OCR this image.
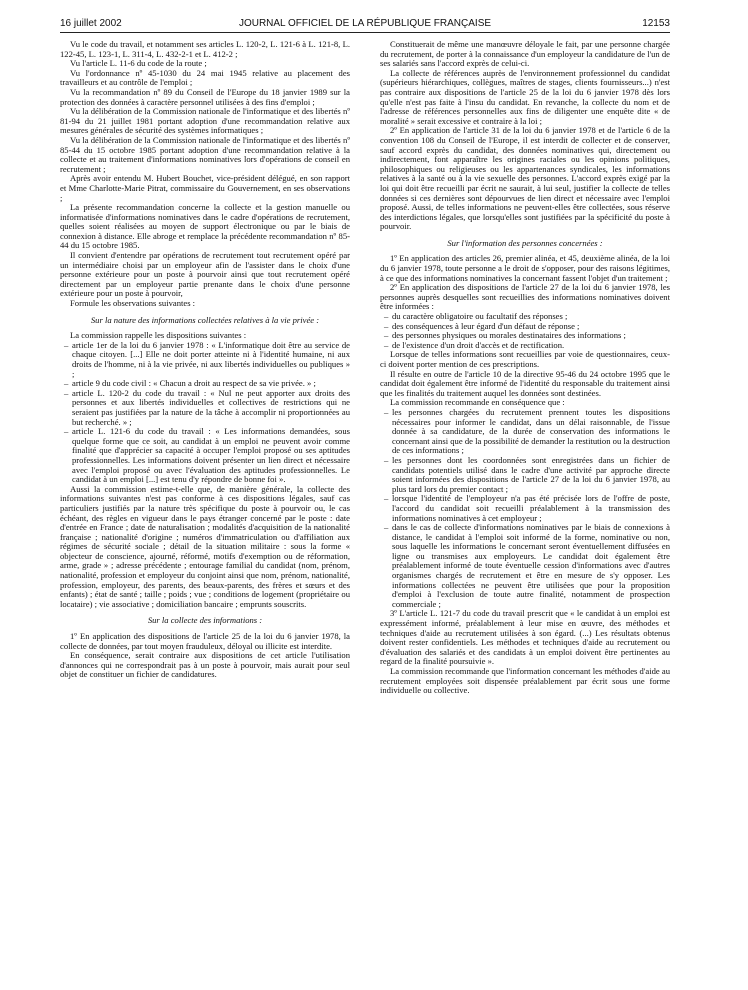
16 juillet 2002	JOURNAL OFFICIEL DE LA RÉPUBLIQUE FRANÇAISE	12153

Vu le code du travail, et notamment ses articles L. 120-2, L. 121-6 à L. 121-8, L. 122-45, L. 123-1, L. 311-4, L. 432-2-1 et L. 412-2 ;

Vu l'article L. 11-6 du code de la route ;

Vu l'ordonnance nº 45-1030 du 24 mai 1945 relative au placement des travailleurs et au contrôle de l'emploi ;

Vu la recommandation nº 89 du Conseil de l'Europe du 18 janvier 1989 sur la protection des données à caractère personnel utilisées à des fins d'emploi ;

Vu la délibération de la Commission nationale de l'informatique et des libertés nº 81-94 du 21 juillet 1981 portant adoption d'une recommandation relative aux mesures générales de sécurité des systèmes informatiques ;

Vu la délibération de la Commission nationale de l'informatique et des libertés nº 85-44 du 15 octobre 1985 portant adoption d'une recommandation relative à la collecte et au traitement d'informations nominatives lors d'opérations de conseil en recrutement ;

Après avoir entendu M. Hubert Bouchet, vice-président délégué, en son rapport et Mme Charlotte-Marie Pitrat, commissaire du Gouvernement, en ses observations ;

La présente recommandation concerne la collecte et la gestion manuelle ou informatisée d'informations nominatives dans le cadre d'opérations de recrutement, quelles soient réalisées au moyen de support électronique ou par le biais de connexion à distance. Elle abroge et remplace la précédente recommandation nº 85-44 du 15 octobre 1985.

Il convient d'entendre par opérations de recrutement tout recrutement opéré par un intermédiaire choisi par un employeur afin de l'assister dans le choix d'une personne extérieure pour un poste à pourvoir ainsi que tout recrutement opéré directement par un employeur partie prenante dans le choix d'une personne extérieure pour un poste à pourvoir,

Formule les observations suivantes :

Sur la nature des informations collectées relatives à la vie privée :

La commission rappelle les dispositions suivantes :

– article 1er de la loi du 6 janvier 1978 : « L'informatique doit être au service de chaque citoyen. [...] Elle ne doit porter atteinte ni à l'identité humaine, ni aux droits de l'homme, ni à la vie privée, ni aux libertés individuelles ou publiques » ;
– article 9 du code civil : « Chacun a droit au respect de sa vie privée. » ;
– article L. 120-2 du code du travail : « Nul ne peut apporter aux droits des personnes et aux libertés individuelles et collectives de restrictions qui ne seraient pas justifiées par la nature de la tâche à accomplir ni proportionnées au but recherché. » ;
– article L. 121-6 du code du travail : « Les informations demandées, sous quelque forme que ce soit, au candidat à un emploi ne peuvent avoir comme finalité que d'apprécier sa capacité à occuper l'emploi proposé ou ses aptitudes professionnelles. Les informations doivent présenter un lien direct et nécessaire avec l'emploi proposé ou avec l'évaluation des aptitudes professionnelles. Le candidat à un emploi [...] est tenu d'y répondre de bonne foi ».

Aussi la commission estime-t-elle que, de manière générale, la collecte des informations suivantes n'est pas conforme à ces dispositions légales, sauf cas particuliers justifiés par la nature très spécifique du poste à pourvoir ou, le cas échéant, des règles en vigueur dans le pays étranger concerné par le poste : date d'entrée en France ; date de naturalisation ; modalités d'acquisition de la nationalité française ; nationalité d'origine ; numéros d'immatriculation ou d'affiliation aux régimes de sécurité sociale ; détail de la situation militaire : sous la forme « objecteur de conscience, ajourné, réformé, motifs d'exemption ou de réformation, arme, grade » ; adresse précédente ; entourage familial du candidat (nom, prénom, nationalité, profession et employeur du conjoint ainsi que nom, prénom, nationalité, profession, employeur, des parents, des beaux-parents, des frères et sœurs et des enfants) ; état de santé ; taille ; poids ; vue ; conditions de logement (propriétaire ou locataire) ; vie associative ; domiciliation bancaire ; emprunts souscrits.

Sur la collecte des informations :

1º En application des dispositions de l'article 25 de la loi du 6 janvier 1978, la collecte de données, par tout moyen frauduleux, déloyal ou illicite est interdite.

En conséquence, serait contraire aux dispositions de cet article l'utilisation d'annonces qui ne correspondrait pas à un poste à pourvoir, mais aurait pour seul objet de constituer un fichier de candidatures.

Constituerait de même une manœuvre déloyale le fait, par une personne chargée du recrutement, de porter à la connaissance d'un employeur la candidature de l'un de ses salariés sans l'accord exprès de celui-ci.

La collecte de références auprès de l'environnement professionnel du candidat (supérieurs hiérarchiques, collègues, maîtres de stages, clients fournisseurs...) n'est pas contraire aux dispositions de l'article 25 de la loi du 6 janvier 1978 dès lors qu'elle n'est pas faite à l'insu du candidat. En revanche, la collecte du nom et de l'adresse de références personnelles aux fins de diligenter une enquête dite « de moralité » serait excessive et contraire à la loi ;

2º En application de l'article 31 de la loi du 6 janvier 1978 et de l'article 6 de la convention 108 du Conseil de l'Europe, il est interdit de collecter et de conserver, sauf accord exprès du candidat, des données nominatives qui, directement ou indirectement, font apparaître les origines raciales ou les opinions politiques, philosophiques ou religieuses ou les appartenances syndicales, les informations relatives à la santé ou à la vie sexuelle des personnes. L'accord exprès exigé par la loi qui doit être recueilli par écrit ne saurait, à lui seul, justifier la collecte de telles données si ces dernières sont dépourvues de lien direct et nécessaire avec l'emploi proposé. Aussi, de telles informations ne peuvent-elles être collectées, sous réserve des interdictions légales, que lorsqu'elles sont justifiées par la spécificité du poste à pourvoir.

Sur l'information des personnes concernées :

1º En application des articles 26, premier alinéa, et 45, deuxième alinéa, de la loi du 6 janvier 1978, toute personne a le droit de s'opposer, pour des raisons légitimes, à ce que des informations nominatives la concernant fassent l'objet d'un traitement ;

2º En application des dispositions de l'article 27 de la loi du 6 janvier 1978, les personnes auprès desquelles sont recueillies des informations nominatives doivent être informées :

– du caractère obligatoire ou facultatif des réponses ;
– des conséquences à leur égard d'un défaut de réponse ;
– des personnes physiques ou morales destinataires des informations ;
– de l'existence d'un droit d'accès et de rectification.

Lorsque de telles informations sont recueillies par voie de questionnaires, ceux-ci doivent porter mention de ces prescriptions.

Il résulte en outre de l'article 10 de la directive 95-46 du 24 octobre 1995 que le candidat doit également être informé de l'identité du responsable du traitement ainsi que les finalités du traitement auquel les données sont destinées.

La commission recommande en conséquence que :

– les personnes chargées du recrutement prennent toutes les dispositions nécessaires pour informer le candidat, dans un délai raisonnable, de l'issue donnée à sa candidature, de la durée de conservation des informations le concernant ainsi que de la possibilité de demander la restitution ou la destruction de ces informations ;
– les personnes dont les coordonnées sont enregistrées dans un fichier de candidats potentiels utilisé dans le cadre d'une activité par approche directe soient informées des dispositions de l'article 27 de la loi du 6 janvier 1978, au plus tard lors du premier contact ;
– lorsque l'identité de l'employeur n'a pas été précisée lors de l'offre de poste, l'accord du candidat soit recueilli préalablement à la transmission des informations nominatives à cet employeur ;
– dans le cas de collecte d'informations nominatives par le biais de connexions à distance, le candidat à l'emploi soit informé de la forme, nominative ou non, sous laquelle les informations le concernant seront éventuellement diffusées en ligne ou transmises aux employeurs. Le candidat doit également être préalablement informé de toute éventuelle cession d'informations avec d'autres organismes chargés de recrutement et être en mesure de s'y opposer. Les informations collectées ne peuvent être utilisées que pour la proposition d'emploi à l'exclusion de toute autre finalité, notamment de prospection commerciale ;

3º L'article L. 121-7 du code du travail prescrit que « le candidat à un emploi est expressément informé, préalablement à leur mise en œuvre, des méthodes et techniques d'aide au recrutement utilisées à son égard. (...) Les résultats obtenus doivent rester confidentiels. Les méthodes et techniques d'aide au recrutement ou d'évaluation des salariés et des candidats à un emploi doivent être pertinentes au regard de la finalité poursuivie ».

La commission recommande que l'information concernant les méthodes d'aide au recrutement employées soit dispensée préalablement par écrit sous une forme individuelle ou collective.
